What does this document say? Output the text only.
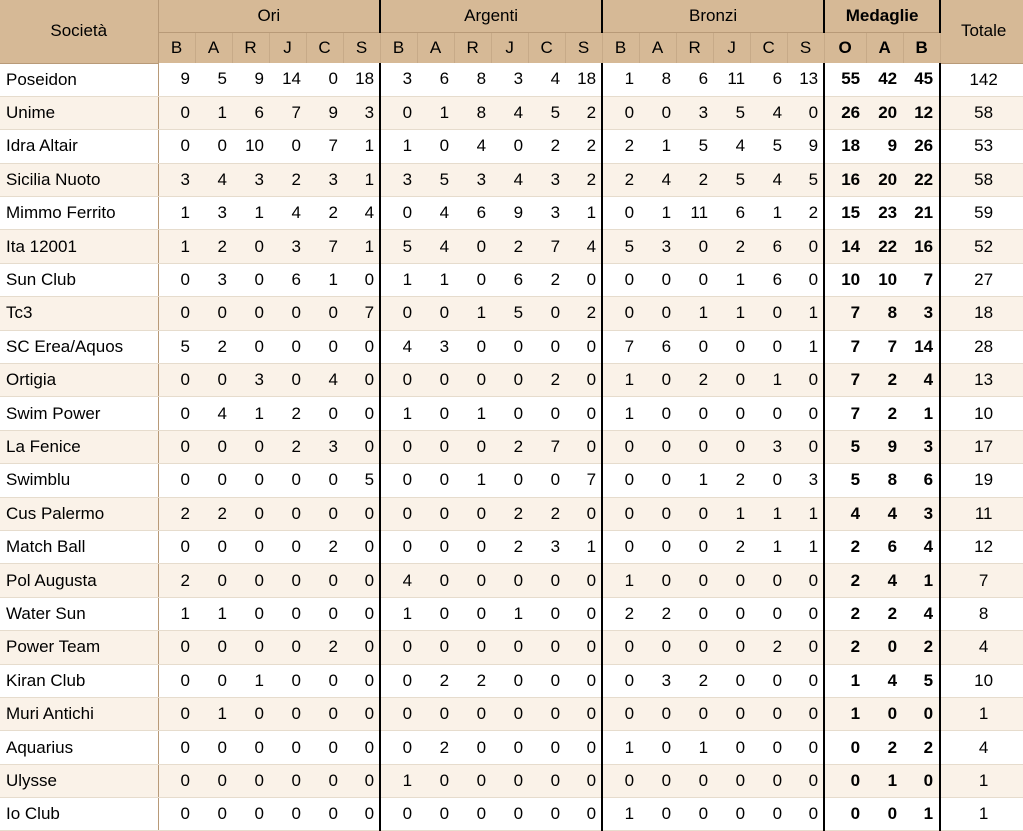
Società	Ori						Argenti						Bronzi						Medaglie			Totale
	B	A	R	J	C	S	B	A	R	J	C	S	B	A	R	J	C	S	O	A	B	
Poseidon	9	5	9	14	0	18	3	6	8	3	4	18	1	8	6	11	6	13	55	42	45	142
Unime	0	1	6	7	9	3	0	1	8	4	5	2	0	0	3	5	4	0	26	20	12	58
Idra Altair	0	0	10	0	7	1	1	0	4	0	2	2	2	1	5	4	5	9	18	9	26	53
Sicilia Nuoto	3	4	3	2	3	1	3	5	3	4	3	2	2	4	2	5	4	5	16	20	22	58
Mimmo Ferrito	1	3	1	4	2	4	0	4	6	9	3	1	0	1	11	6	1	2	15	23	21	59
Ita 12001	1	2	0	3	7	1	5	4	0	2	7	4	5	3	0	2	6	0	14	22	16	52
Sun Club	0	3	0	6	1	0	1	1	0	6	2	0	0	0	0	1	6	0	10	10	7	27
Tc3	0	0	0	0	0	7	0	0	1	5	0	2	0	0	1	1	0	1	7	8	3	18
SC Erea/Aquos	5	2	0	0	0	0	4	3	0	0	0	0	7	6	0	0	0	1	7	7	14	28
Ortigia	0	0	3	0	4	0	0	0	0	0	2	0	1	0	2	0	1	0	7	2	4	13
Swim Power	0	4	1	2	0	0	1	0	1	0	0	0	1	0	0	0	0	0	7	2	1	10
La Fenice	0	0	0	2	3	0	0	0	0	2	7	0	0	0	0	0	3	0	5	9	3	17
Swimblu	0	0	0	0	0	5	0	0	1	0	0	7	0	0	1	2	0	3	5	8	6	19
Cus Palermo	2	2	0	0	0	0	0	0	0	2	2	0	0	0	0	1	1	1	4	4	3	11
Match Ball	0	0	0	0	2	0	0	0	0	2	3	1	0	0	0	2	1	1	2	6	4	12
Pol Augusta	2	0	0	0	0	0	4	0	0	0	0	0	1	0	0	0	0	0	2	4	1	7
Water Sun	1	1	0	0	0	0	1	0	0	1	0	0	2	2	0	0	0	0	2	2	4	8
Power Team	0	0	0	0	2	0	0	0	0	0	0	0	0	0	0	0	2	0	2	0	2	4
Kiran Club	0	0	1	0	0	0	0	2	2	0	0	0	0	3	2	0	0	0	1	4	5	10
Muri Antichi	0	1	0	0	0	0	0	0	0	0	0	0	0	0	0	0	0	0	1	0	0	1
Aquarius	0	0	0	0	0	0	0	2	0	0	0	0	1	0	1	0	0	0	0	2	2	4
Ulysse	0	0	0	0	0	0	1	0	0	0	0	0	0	0	0	0	0	0	0	1	0	1
Io Club	0	0	0	0	0	0	0	0	0	0	0	0	1	0	0	0	0	0	0	0	1	1
